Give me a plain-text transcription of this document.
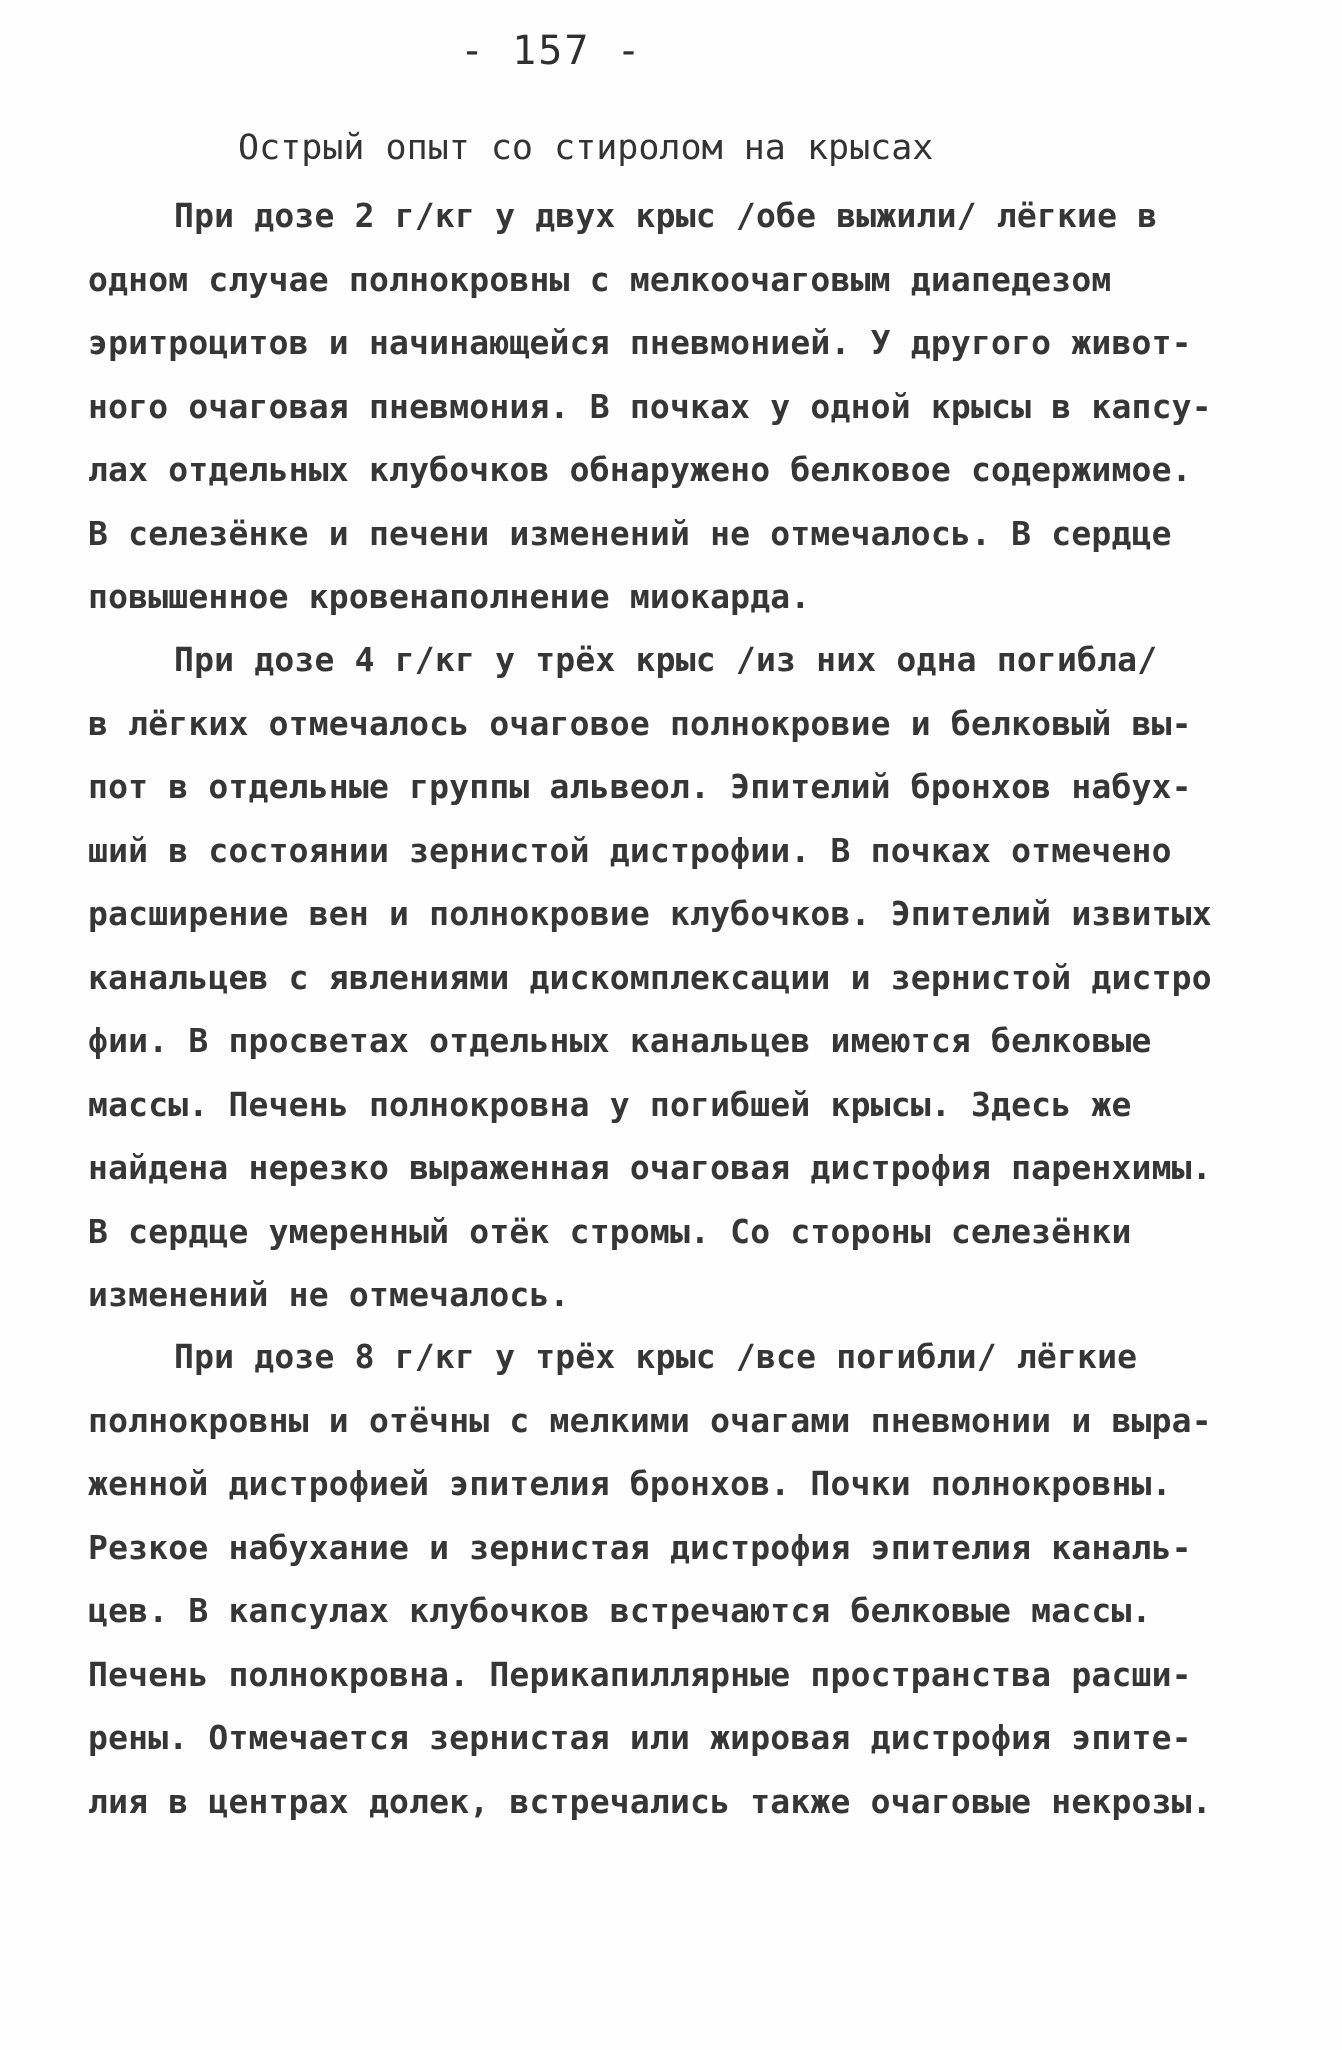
- 157 -
Острый опыт со стиролом на крысах
При дозе 2 г/кг у двух крыс /обе выжили/ лёгкие в
одном случае полнокровны с мелкоочаговым диапедезом
эритроцитов и начинающейся пневмонией. У другого живот-
ного очаговая пневмония. В почках у одной крысы в капсу-
лах отдельных клубочков обнаружено белковое содержимое.
В селезёнке и печени изменений не отмечалось. В сердце
повышенное кровенаполнение миокарда.
При дозе 4 г/кг у трёх крыс /из них одна погибла/
в лёгких отмечалось очаговое полнокровие и белковый вы-
пот в отдельные группы альвеол. Эпителий бронхов набух-
ший в состоянии зернистой дистрофии. В почках отмечено
расширение вен и полнокровие клубочков. Эпителий извитых
канальцев с явлениями дискомплексации и зернистой дистро
фии. В просветах отдельных канальцев имеются белковые
массы. Печень полнокровна у погибшей крысы. Здесь же
найдена нерезко выраженная очаговая дистрофия паренхимы.
В сердце умеренный отёк стромы. Со стороны селезёнки
изменений не отмечалось.
При дозе 8 г/кг у трёх крыс /все погибли/ лёгкие
полнокровны и отёчны с мелкими очагами пневмонии и выра-
женной дистрофией эпителия бронхов. Почки полнокровны.
Резкое набухание и зернистая дистрофия эпителия каналь-
цев. В капсулах клубочков встречаются белковые массы.
Печень полнокровна. Перикапиллярные пространства расши-
рены. Отмечается зернистая или жировая дистрофия эпите-
лия в центрах долек, встречались также очаговые некрозы.
